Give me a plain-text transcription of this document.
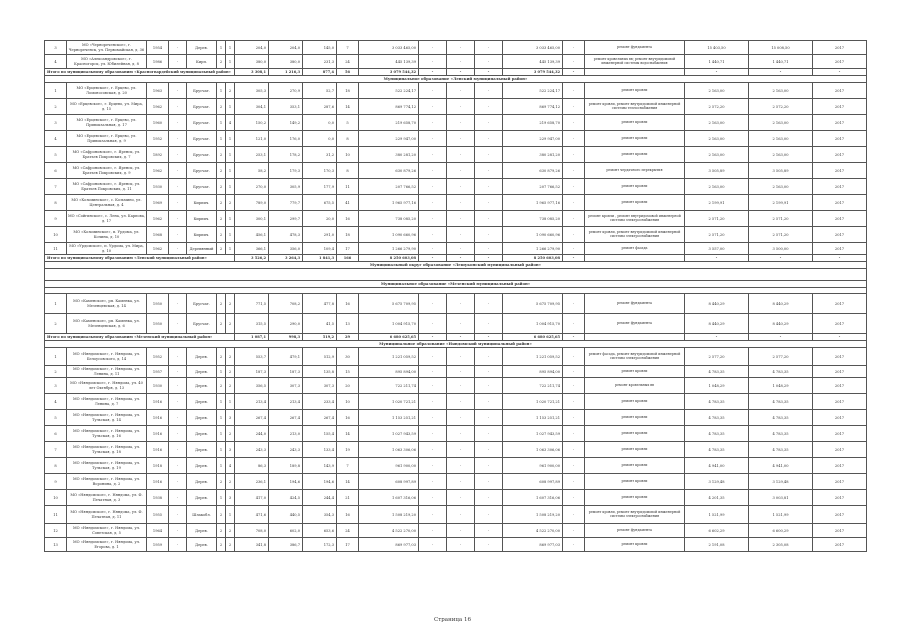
3	МО «Чернореченское», г. Чернореченск, ул. Первомайская, д. 36	1954	-	Дерев.	1	1	204,0	204,0	145,0	7	3 033 465,00	-	-	-	3 033 465,00	-	ремонт фундамента	15 403,50	15 008,50	2017
4	МО «Александровское», г. Красногорск, ул. Юбилейная, д. 8	1986	-	Кирп.	2	1	380,0	380,0	231,3	24	445 139,39	-	-	-	445 139,39	-	ремонт кровельных вв; ремонт внутридомовой инженерной системы водоснабжения	1 440,71	1 440,71	2017
Итого по муниципальному образованию «Красногвардейский муниципальный район»							3 308,1	1 216,3	877,4	56	3 079 544,32	-	-	-	3 079 544,32	-		-	-	-
Муниципальное образование «Ленский муниципальный район»																				
1	МО «Ерцевское», г. Ерцево, ул. Ломоносовская, д. 20	1963	-	Брусчат.	1	2	305,3	270,9	52,7	18	522 224,17	-	-	-	522 224,17	-	ремонт кровли	2 163,00	2 163,00	2017
2	МО «Ерцевское», г. Ерцево, ул. Мира, д. 15	1962	-	Брусчат.	2	1	304,1	353,1	287,6	14	869 774,12	-	-	-	869 774,12	-	ремонт кровли, ремонт внутридомовой инженерной системы теплоснабжения	2 572,20	2 572,20	2017
3	МО «Ерцевское», г. Ерцево, ул. Привокзальная, д. 17	1960	-	Брусчат.	1	4	150,2	149,2	0,0	5	219 658,70	-	-	-	219 658,70	-	ремонт кровли	2 163,00	2 163,00	2017
4	МО «Ерцевское», г. Ерцево, ул. Привокзальная, д. 9	1952	-	Брусчат.	1	1	121,0	176,0	0,0	8	229 947,00	-	-	-	229 947,00	-	ремонт кровли	2 163,00	2 163,00	2017
5	МО «Сафроновское», г. Яренск, ул. Братьев Покровских, д. 7	1892	-	Брусчат.	2	1	253,1	178,2	31,2	10	380 281,20	-	-	-	380 281,20	-	ремонт кровли	2 163,00	2 163,00	2017
6	МО «Сафроновское», г. Яренск, ул. Братьев Покровских, д. 9	1962	-	Брусчат.	2	1	58,2	179,3	170,3	8	630 879,26	-	-	-	630 879,26	-	ремонт чердачного перекрытия	3 505,89	3 505,89	2017
7	МО «Сафроновское», г. Яренск, ул. Братьев Покровских, д. 11	1930	-	Брусчат.	2	1	270,0	305,9	177,9	11	207 766,52	-	-	-	207 766,52	-	ремонт кровли	2 163,00	2 163,00	2017
8	МО «Козьминское», с. Козьмино, ул. Центральная, д. 4	1969	-	Кирпич.	2	2	789,0	779,7	675,5	41	1 965 977,16	-	-	-	1 965 977,16	-	ремонт кровли	2 199,91	2 199,91	2017
9	МО «Сойгинское», с. Лена, ул. Карпова, д. 17	1962	-	Кирпич.	2	1	300,1	299,7	20,0	16	738 085,20	-	-	-	738 085,20	-	ремонт кровли , ремонт внутридомовой инженерной системы электроснабжения	2 571,20	2 571,20	2017
10	МО «Козьминское», п. Урдома, ул. Кочина, д. 10	1968	-	Кирпич.	2	1	456,1	478,3	291,0	18	1 090 660,96	-	-	-	1 090 660,96	-	ремонт кровли, ремонт внутридомовой инженерной системы электроснабжения	2 571,20	2 571,20	2017
11	МО «Урдомское», п. Урдома, ул. Мира, д. 10	1962	-	Деревянный	2	1	366,1	356,0	109,4	17	1 266 279,90	-	-	-	1 266 279,90	-	ремонт фасада	3 557,00	3 500,00	2017
Итого по муниципальному образованию «Ленский муниципальный район»							3 526,2	3 264,3	1 841,3	166	8 250 603,08	-	-	-	8 250 603,08	-		-	-	-
Муниципальный округ образование «Лешуконский муниципальный район»																				

Муниципальное образование «Мезенский муниципальный район»																				

1	МО «Каменское», рп. Каменка, ул. Мезенцевская, д. 14	1950	-	Брусчат.	2	2	771,5	708,2	477,8	16	5 675 709,95	-	-	-	5 675 709,95	-	ремонт фундамента	8 440,29	8 440,29	2017
2	МО «Каменское», рп. Каменка, ул. Мезенцевская, д. 6	1950	-	Брусчат.	2	2	315,5	290,0	41,5	13	1 004 915,70	-	-	-	1 004 915,70	-	ремонт фундамента	8 440,29	8 440,29	2017
Итого по муниципальному образованию «Мезенский муниципальный район»							1 087,1	998,3	519,2	29	6 680 625,65	-	-	-	6 680 625,65	-		-	-	-
Муниципальное образование «Няндомский муниципальный район»																				
1	МО «Няндомское», г. Няндома, ул. Белоусовского, д. 14	1952	-	Дерев.	2	2	553,7	479,1	512,9	30	1 221 059,52	-	-	-	1 221 059,52	-	ремонт фасада, ремонт внутридомовой инженерной системы электроснабжения	2 577,20	2 577,20	2017
2	МО «Няндомское», г. Няндома, ул. Ленина, д. 11	1957	-	Дерев.	1	2	187,3	187,3	135,8	15	895 894,00	-	-	-	895 894,00	-	ремонт кровли	4 783,35	4 783,35	2017
3	МО «Няндомское», г. Няндома, ул. 40 лет Октября, д. 13	1930	-	Дерев.	2	2	356,5	307,3	307,3	20	722 211,74	-	-	-	722 211,74	-	ремонт кровельных вв	1 048,29	1 048,29	2017
4	МО «Няндомское», г. Няндома, ул. Ленина, д. 7	1916	-	Дерев.	1	1	213,4	213,4	233,4	10	1 020 721,21	-	-	-	1 020 721,21	-	ремонт кровли	4 783,35	4 783,35	2017
5	МО «Няндомское», г. Няндома, ул. Тульская, д. 14	1916	-	Дерев.	1	3	267,4	267,4	267,4	16	1 153 251,21	-	-	-	1 153 251,21	-	ремонт кровли	4 783,35	4 783,35	2017
6	МО «Няндомское», г. Няндома, ул. Тульская, д. 16	1916	-	Дерев.	1	2	244,0	213,0	155,4	14	1 027 943,59	-	-	-	1 027 943,59	-	ремонт кровли	4 783,35	4 783,35	2017
7	МО «Няндомское», г. Няндома, ул. Тульская, д. 18	1916	-	Дерев.	1	3	243,3	243,3	133,4	19	1 063 306,06	-	-	-	1 063 306,06	-	ремонт кровли	4 783,35	4 783,35	2017
8	МО «Няндомское», г. Няндома, ул. Тульская, д. 19	1918	-	Дерев.	1	4	86,3	189,8	143,9	7	961 900,00	-	-	-	961 900,00	-	ремонт кровли	4 941,00	4 941,00	2017
9	МО «Няндомское», г. Няндома, ул. Воронина, д. 2	1916	-	Дерев.	2	2	236,1	194,6	194,6	14	608 997,89	-	-	-	608 997,89	-	ремонт кровли	3 129,48	3 129,48	2017
10	МО «Няндомское», г. Няндома, ул. Ф. Печатная, д. 3	1938	-	Дерев.	1	3	417,0	424,5	244,4	21	1 607 316,06	-	-	-	1 607 316,06	-	ремонт кровли	4 201,35	3 003,81	2017
11	МО «Няндомское», г. Няндома, ул. Ф. Печатная, д. 11	1955	-	Шлакобл.	2	1	471,6	440,5	354,3	16	1 508 219,20	-	-	-	1 508 219,20	-	ремонт кровли, ремонт внутридомовой инженерной системы электроснабжения	1 521,99	1 521,99	2017
12	МО «Няндомское», г. Няндома, ул. Советская, д. 5	1964	-	Дерев.	2	2	708,0	602,0	653,6	24	4 522 270,00	-	-	-	4 522 270,00	-	ремонт фундамента	6 602,29	6 600,29	2017
13	МО «Няндомское», г. Няндома, ул. Егорова, д. 1	1959	-	Дерев.	2	2	341,8	386,7	172,3	17	869 977,03	-	-	-	869 977,03	-	ремонт кровли	2 191,08	2 305,08	2017
Страница 16
